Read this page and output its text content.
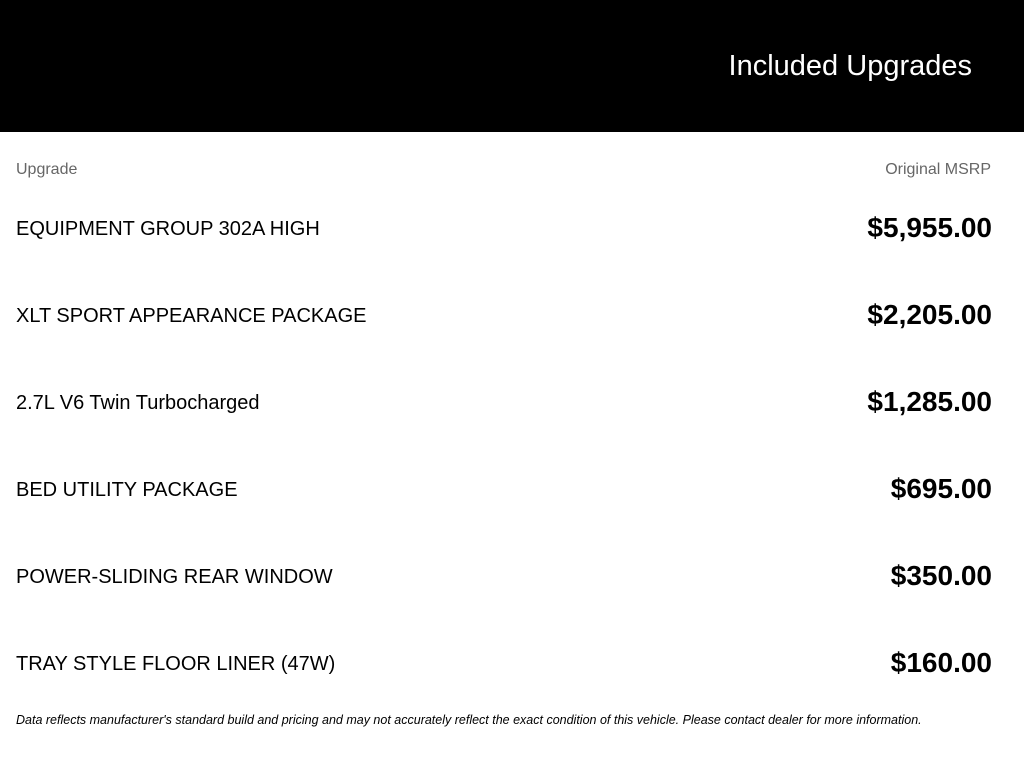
Included Upgrades
Upgrade	Original MSRP
EQUIPMENT GROUP 302A HIGH	$5,955.00
XLT SPORT APPEARANCE PACKAGE	$2,205.00
2.7L V6 Twin Turbocharged	$1,285.00
BED UTILITY PACKAGE	$695.00
POWER-SLIDING REAR WINDOW	$350.00
TRAY STYLE FLOOR LINER (47W)	$160.00
Data reflects manufacturer's standard build and pricing and may not accurately reflect the exact condition of this vehicle. Please contact dealer for more information.
